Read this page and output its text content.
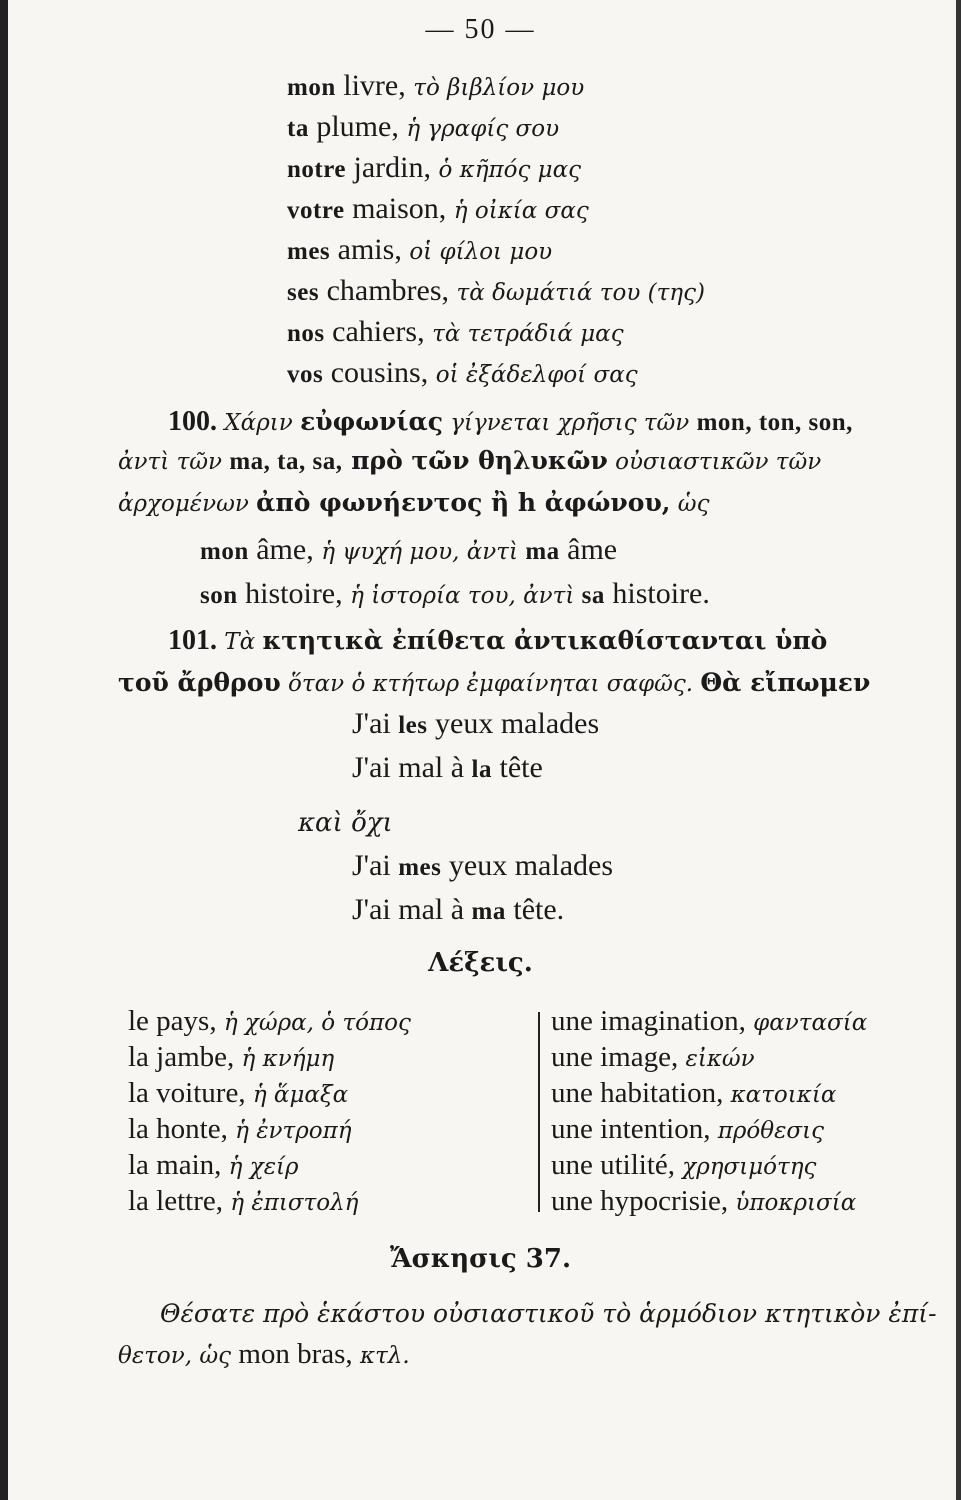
— 50 —
mon livre, τὸ βιβλίον μου
ta plume, ἡ γραφίς σου
notre jardin, ὁ κῆπός μας
votre maison, ἡ οἰκία σας
mes amis, οἱ φίλοι μου
ses chambres, τὰ δωμάτιά του (της)
nos cahiers, τὰ τετράδιά μας
vos cousins, οἱ ἐξάδελφοί σας
100. Χάριν εὐφωνίας γίγνεται χρῆσις τῶν mon, ton, son,
ἀντὶ τῶν ma, ta, sa, πρὸ τῶν θηλυκῶν οὐσιαστικῶν τῶν
ἀρχομένων ἀπὸ φωνήεντος ἢ h ἀφώνου, ὡς
mon âme, ἡ ψυχή μου, ἀντὶ ma âme
son histoire, ἡ ἱστορία του, ἀντὶ sa histoire.
101. Τὰ κτητικὰ ἐπίθετα ἀντικαθίστανται ὑπὸ
τοῦ ἄρθρου ὅταν ὁ κτήτωρ ἐμφαίνηται σαφῶς. Θὰ εἴπωμεν
J'ai les yeux malades
J'ai mal à la tête
καὶ ὄχι
J'ai mes yeux malades
J'ai mal à ma tête.
Λέξεις.
le pays, ἡ χώρα, ὁ τόπος
la jambe, ἡ κνήμη
la voiture, ἡ ἅμαξα
la honte, ἡ ἐντροπή
la main, ἡ χείρ
la lettre, ἡ ἐπιστολή
une imagination, φαντασία
une image, εἰκών
une habitation, κατοικία
une intention, πρόθεσις
une utilité, χρησιμότης
une hypocrisie, ὑποκρισία
Ἄσκησις 37.
Θέσατε πρὸ ἑκάστου οὐσιαστικοῦ τὸ ἁρμόδιον κτητικὸν ἐπί-
θετον, ὡς mon bras, κτλ.
